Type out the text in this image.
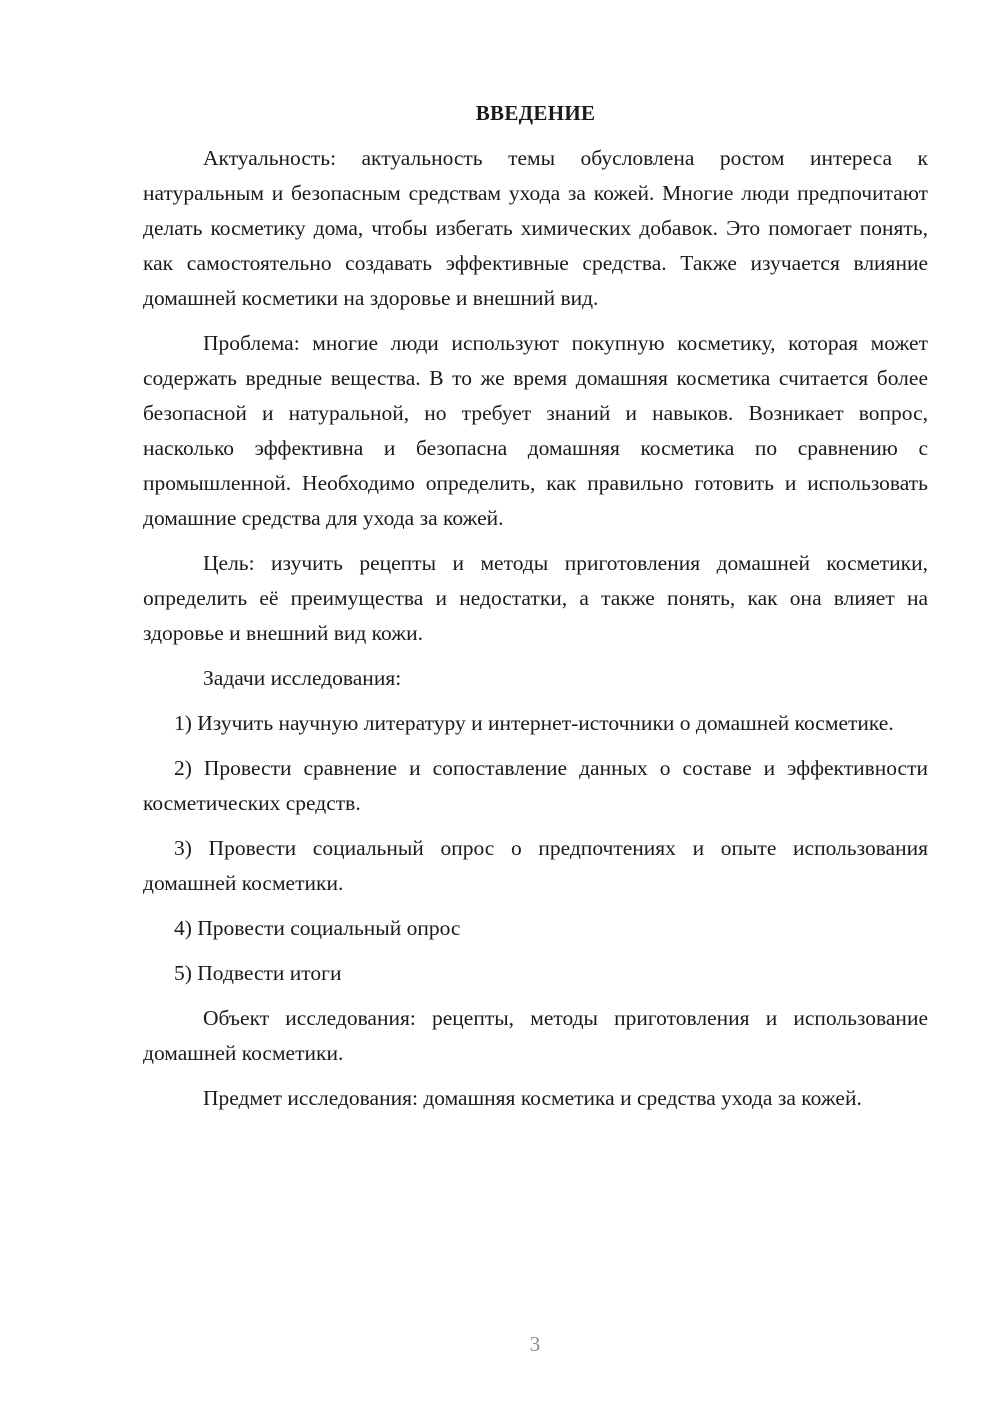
ВВЕДЕНИЕ

Актуальность: актуальность темы обусловлена ростом интереса к натуральным и безопасным средствам ухода за кожей. Многие люди предпочитают делать косметику дома, чтобы избегать химических добавок. Это помогает понять, как самостоятельно создавать эффективные средства. Также изучается влияние домашней косметики на здоровье и внешний вид.

Проблема: многие люди используют покупную косметику, которая может содержать вредные вещества. В то же время домашняя косметика считается более безопасной и натуральной, но требует знаний и навыков. Возникает вопрос, насколько эффективна и безопасна домашняя косметика по сравнению с промышленной. Необходимо определить, как правильно готовить и использовать домашние средства для ухода за кожей.

Цель: изучить рецепты и методы приготовления домашней косметики, определить её преимущества и недостатки, а также понять, как она влияет на здоровье и внешний вид кожи.

Задачи исследования:

1) Изучить научную литературу и интернет-источники о домашней косметике.

2) Провести сравнение и сопоставление данных о составе и эффективности косметических средств.

3) Провести социальный опрос о предпочтениях и опыте использования домашней косметики.

4) Провести социальный опрос

5) Подвести итоги

Объект исследования: рецепты, методы приготовления и использование домашней косметики.

Предмет исследования: домашняя косметика и средства ухода за кожей.

3
